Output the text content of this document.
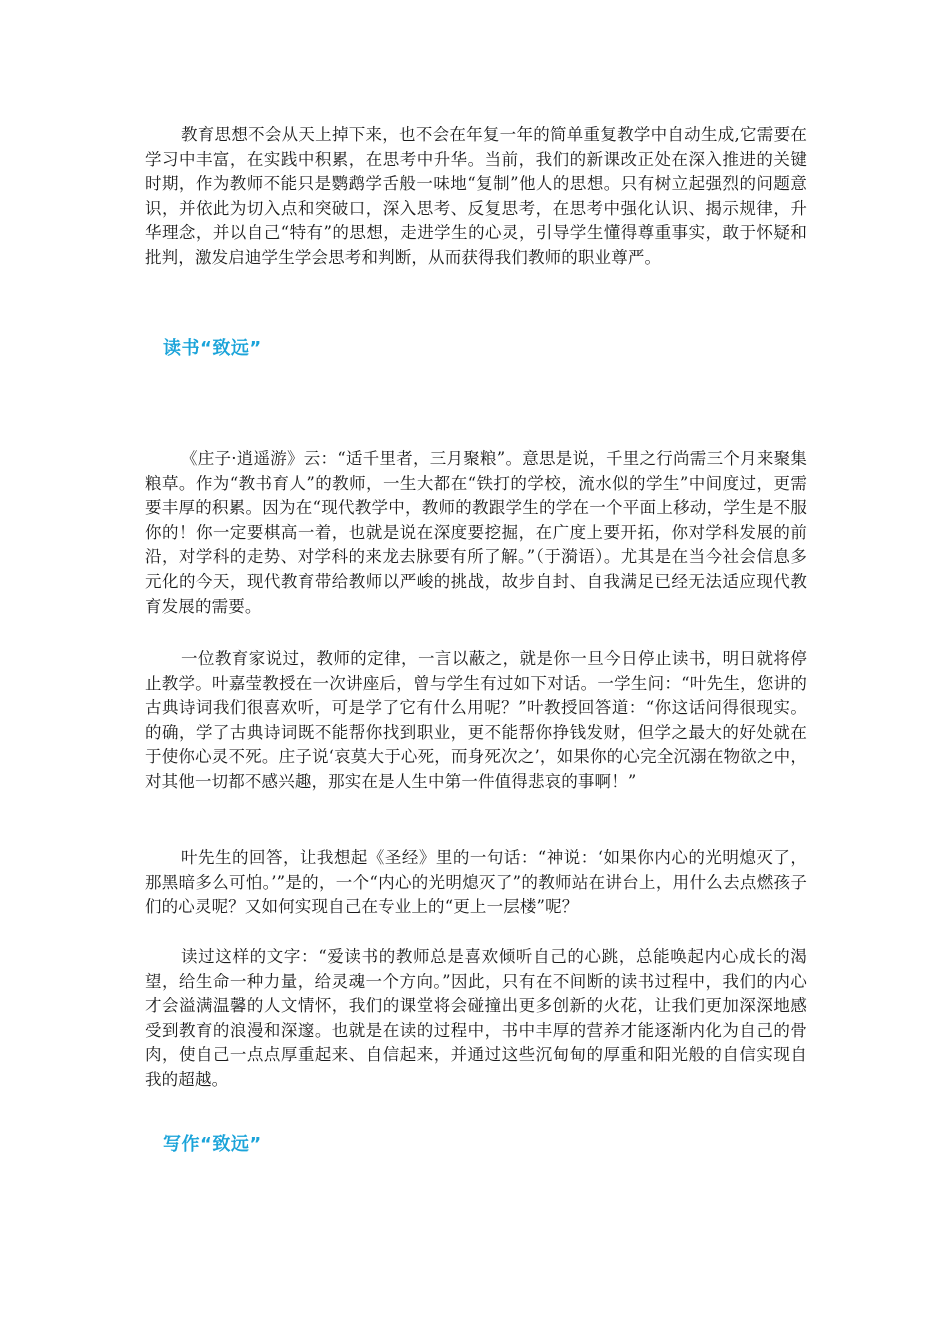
教育思想不会从天上掉下来，也不会在年复一年的简单重复教学中自动生成,它需要在学习中丰富，在实践中积累，在思考中升华。当前，我们的新课改正处在深入推进的关键时期，作为教师不能只是鹦鹉学舌般一味地“复制”他人的思想。只有树立起强烈的问题意识，并依此为切入点和突破口，深入思考、反复思考，在思考中强化认识、揭示规律，升华理念，并以自己“特有”的思想，走进学生的心灵，引导学生懂得尊重事实，敢于怀疑和批判，激发启迪学生学会思考和判断，从而获得我们教师的职业尊严。

读书“致远”

《庄子·逍遥游》云：“适千里者，三月聚粮”。意思是说，千里之行尚需三个月来聚集粮草。作为“教书育人”的教师，一生大都在“铁打的学校，流水似的学生”中间度过，更需要丰厚的积累。因为在“现代教学中，教师的教跟学生的学在一个平面上移动，学生是不服你的！你一定要棋高一着，也就是说在深度要挖掘，在广度上要开拓，你对学科发展的前沿，对学科的走势、对学科的来龙去脉要有所了解。”（于漪语）。尤其是在当今社会信息多元化的今天，现代教育带给教师以严峻的挑战，故步自封、自我满足已经无法适应现代教育发展的需要。

一位教育家说过，教师的定律，一言以蔽之，就是你一旦今日停止读书，明日就将停止教学。叶嘉莹教授在一次讲座后，曾与学生有过如下对话。一学生问：“叶先生，您讲的古典诗词我们很喜欢听，可是学了它有什么用呢？”叶教授回答道：“你这话问得很现实。的确，学了古典诗词既不能帮你找到职业，更不能帮你挣钱发财，但学之最大的好处就在于使你心灵不死。庄子说‘哀莫大于心死，而身死次之’，如果你的心完全沉溺在物欲之中，对其他一切都不感兴趣，那实在是人生中第一件值得悲哀的事啊！”

叶先生的回答，让我想起《圣经》里的一句话：“神说：‘如果你内心的光明熄灭了，那黑暗多么可怕。’”是的，一个“内心的光明熄灭了”的教师站在讲台上，用什么去点燃孩子们的心灵呢？又如何实现自己在专业上的“更上一层楼”呢？

读过这样的文字：“爱读书的教师总是喜欢倾听自己的心跳，总能唤起内心成长的渴望，给生命一种力量，给灵魂一个方向。”因此，只有在不间断的读书过程中，我们的内心才会溢满温馨的人文情怀，我们的课堂将会碰撞出更多创新的火花，让我们更加深深地感受到教育的浪漫和深邃。也就是在读的过程中，书中丰厚的营养才能逐渐内化为自己的骨肉，使自己一点点厚重起来、自信起来，并通过这些沉甸甸的厚重和阳光般的自信实现自我的超越。

写作“致远”
